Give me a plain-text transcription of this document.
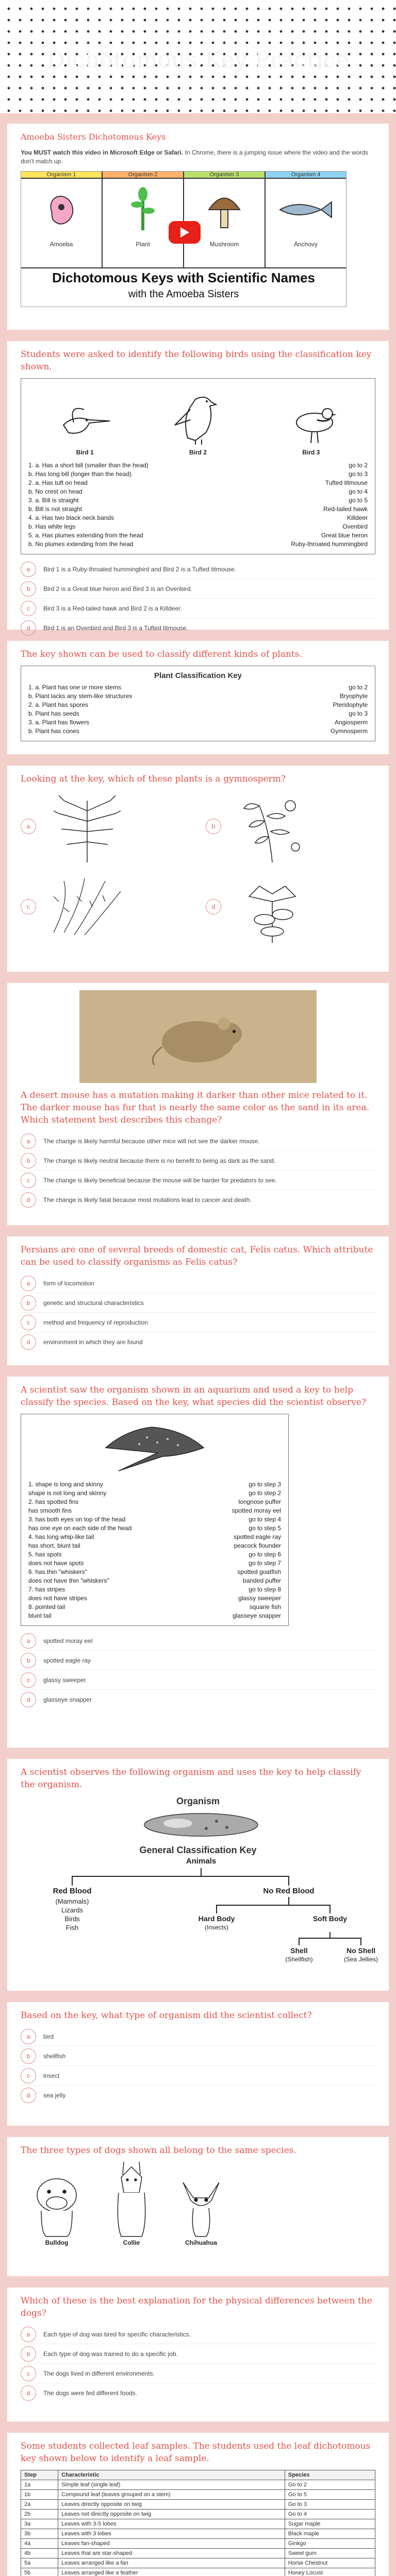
Dichotomous Key Practice
Amoeba Sisters Dichotomous Keys
You MUST watch this video in Microsoft Edge or Safari. In Chrome, there is a jumping issue where the video and the words don't match up.
Organism 1
Amoeba
Organism 2
Plant
Organism 3
Mushroom
Organism 4
Anchovy
Dichotomous Keys with Scientific Names
with the Amoeba Sisters
Students were asked to identify the following birds using the classification key shown.
Bird 1	Bird 2	Bird 3
1. a. Has a short bill (smaller than the head)	go to 2
b. Has long bill (longer than the head)	go to 3
2. a. Has tuft on head	Tufted titmouse
b. No crest on head	go to 4
3. a. Bill is straight	go to 5
b. Bill is not straight	Red-tailed hawk
4. a. Has two black neck bands	Killdeer
b. Has white legs	Ovenbird
5. a. Has plumes extending from the head	Great blue heron
b. No plumes extending from the head	Ruby-throated hummingbird
a	Bird 1 is a Ruby-throated hummingbird and Bird 2 is a Tufted titmouse.
b	Bird 2 is a Great blue heron and Bird 3 is an Ovenbird.
c	Bird 3 is a Red-tailed hawk and Bird 2 is a Killdeer.
d	Bird 1 is an Ovenbird and Bird 3 is a Tufted titmouse.
The key shown can be used to classify different kinds of plants.
Plant Classification Key
1. a. Plant has one or more stems	go to 2
b. Plant lacks any stem-like structures	Bryophyte
2. a. Plant has spores	Pteridophyte
b. Plant has seeds	go to 3
3. a. Plant has flowers	Angiosperm
b. Plant has cones	Gymnosperm
Looking at the key, which of these plants is a gymnosperm?
a	b
c	d
A desert mouse has a mutation making it darker than other mice related to it. The darker mouse has fur that is nearly the same color as the sand in its area. Which statement best describes this change?
a	The change is likely harmful because other mice will not see the darker mouse.
b	The change is likely neutral because there is no benefit to being as dark as the sand.
c	The change is likely beneficial because the mouse will be harder for predators to see.
d	The change is likely fatal because most mutations lead to cancer and death.
Persians are one of several breeds of domestic cat, Felis catus. Which attribute can be used to classify organisms as Felis catus?
a	form of locomotion
b	genetic and structural characteristics
c	method and frequency of reproduction
d	environment in which they are found
A scientist saw the organism shown in an aquarium and used a key to help classify the species. Based on the key, what species did the scientist observe?
1. shape is long and skinny	go to step 3
shape is not long and skinny	go to step 2
2. has spotted fins	longnose puffer
has smooth fins	spotted moray eel
3. has both eyes on top of the head	go to step 4
has one eye on each side of the head	go to step 5
4. has long whip-like tail	spotted eagle ray
has short, blunt tail	peacock flounder
5. has spots	go to step 6
does not have spots	go to step 7
6. has thin "whiskers"	spotted goatfish
does not have thin "whiskers"	banded puffer
7. has stripes	go to step 8
does not have stripes	glassy sweeper
8. pointed tail	squarie fish
blunt tail	glasseye snapper
a	spotted moray eel
b	spotted eagle ray
c	glassy sweeper
d	glasseye snapper
A scientist observes the following organism and uses the key to help classify the organism.
Organism
General Classification Key
Animals
Red Blood
(Mammals)
Lizards
Birds
Fish
No Red Blood
Hard Body
(Insects)
Soft Body
Shell
(Shellfish)
No Shell
(Sea Jellies)
Based on the key, what type of organism did the scientist collect?
a	bird
b	shellfish
c	insect
d	sea jelly
The three types of dogs shown all belong to the same species.
Bulldog	Collie	Chihuahua
Which of these is the best explanation for the physical differences between the dogs?
a	Each type of dog was bred for specific characteristics.
b	Each type of dog was trained to do a specific job.
c	The dogs lived in different environments.
d	The dogs were fed different foods.
Some students collected leaf samples. The students used the leaf dichotomous key shown below to identify a leaf sample.
Step	Characteristic	Species
1a	Simple leaf (single leaf)	Go to 2
1b	Compound leaf (leaves grouped on a stem)	Go to 5
2a	Leaves directly opposite on twig	Go to 3
2b	Leaves not directly opposite on twig	Go to 4
3a	Leaves with 3-5 lobes	Sugar maple
3b	Leaves with 3 lobes	Black maple
4a	Leaves fan-shaped	Ginkgo
4b	Leaves that are star-shaped	Sweet gum
5a	Leaves arranged like a fan	Horse Chestnut
5b	Leaves arranged like a feather	Honey Locust
